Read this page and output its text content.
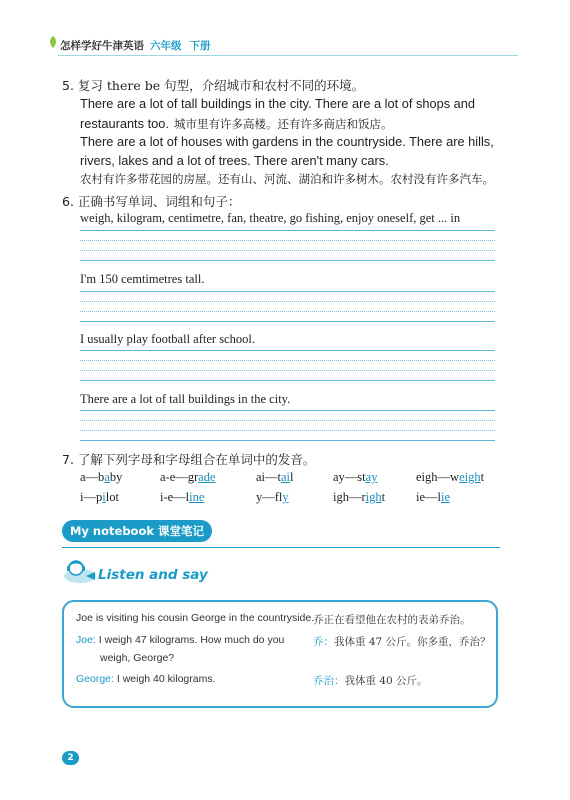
怎样学好牛津英语 六年级 下册
5. 复习 there be 句型，介绍城市和农村不同的环境。
There are a lot of tall buildings in the city. There are a lot of shops and
restaurants too. 城市里有许多高楼。还有许多商店和饭店。
There are a lot of houses with gardens in the countryside. There are hills,
rivers, lakes and a lot of trees. There aren't many cars.
农村有许多带花园的房屋。还有山、河流、湖泊和许多树木。农村没有许多汽车。
6. 正确书写单词、词组和句子：
weigh, kilogram, centimetre, fan, theatre, go fishing, enjoy oneself, get ... in
I'm 150 cemtimetres tall.
I usually play football after school.
There are a lot of tall buildings in the city.
7. 了解下列字母和字母组合在单词中的发音。
a—baby	a-e—grade	ai—tail	ay—stay	eigh—weight
i—pilot	i-e—line	y—fly	igh—right ie—lie
My notebook 课堂笔记
Listen and say
Joe is visiting his cousin George in the countryside.
乔正在看望他在农村的表弟乔治。
Joe: I weigh 47 kilograms. How much do you
weigh, George?
乔：我体重 47 公斤。你多重，乔治？
George: I weigh 40 kilograms.	乔治：我体重 40 公斤。
2
